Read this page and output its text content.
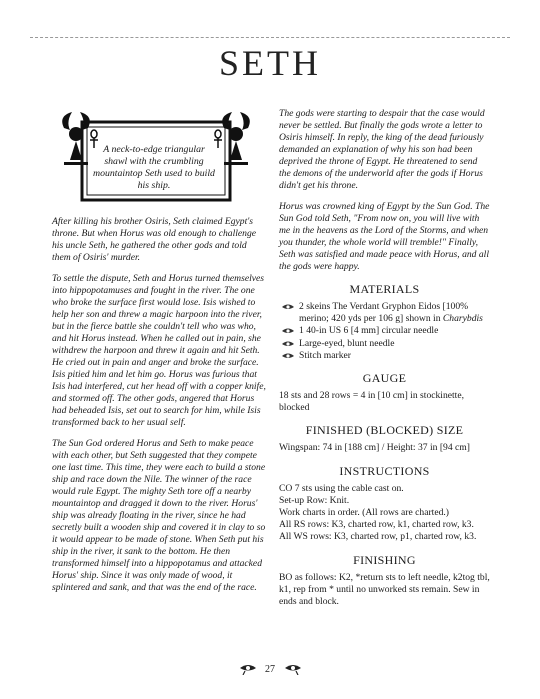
SETH
A neck-to-edge triangular shawl with the crumbling mountaintop Seth used to build his ship.

After killing his brother Osiris, Seth claimed Egypt's throne. But when Horus was old enough to challenge his uncle Seth, he gathered the other gods and told them of Osiris' murder.

To settle the dispute, Seth and Horus turned themselves into hippopotamuses and fought in the river. The one who broke the surface first would lose. Isis wished to help her son and threw a magic harpoon into the river, but in the fierce battle she couldn't tell who was who, and hit Horus instead. When he called out in pain, she withdrew the harpoon and threw it again and hit Seth. He cried out in pain and anger and broke the surface. Isis pitied him and let him go. Horus was furious that Isis had interfered, cut her head off with a copper knife, and stormed off. The other gods, angered that Horus had beheaded Isis, set out to search for him, while Isis transformed back to her usual self.

The Sun God ordered Horus and Seth to make peace with each other, but Seth suggested that they compete one last time. This time, they were each to build a stone ship and race down the Nile. The winner of the race would rule Egypt. The mighty Seth tore off a nearby mountaintop and dragged it down to the river. Horus' ship was already floating in the river, since he had secretly built a wooden ship and covered it in clay to so it would appear to be made of stone. When Seth put his ship in the river, it sank to the bottom. He then transformed himself into a hippopotamus and attacked Horus' ship. Since it was only made of wood, it splintered and sank, and that was the end of the race.

The gods were starting to despair that the case would never be settled. But finally the gods wrote a letter to Osiris himself. In reply, the king of the dead furiously demanded an explanation of why his son had been deprived the throne of Egypt. He threatened to send the demons of the underworld after the gods if Horus didn't get his throne.

Horus was crowned king of Egypt by the Sun God. The Sun God told Seth, "From now on, you will live with me in the heavens as the Lord of the Storms, and when you thunder, the whole world will tremble!" Finally, Seth was satisfied and made peace with Horus, and all the gods were happy.

MATERIALS
2 skeins The Verdant Gryphon Eidos [100% merino; 420 yds per 106 g] shown in Charybdis
1 40-in US 6 [4 mm] circular needle
Large-eyed, blunt needle
Stitch marker
GAUGE

18 sts and 28 rows = 4 in [10 cm] in stockinette, blocked

FINISHED (BLOCKED) SIZE

Wingspan: 74 in [188 cm] / Height: 37 in [94 cm]

INSTRUCTIONS

CO 7 sts using the cable cast on.

Set-up Row: Knit.

Work charts in order. (All rows are charted.)

All RS rows: K3, charted row, k1, charted row, k3.

All WS rows: K3, charted row, p1, charted row, k3.

FINISHING

BO as follows: K2, *return sts to left needle, k2tog tbl, k1, rep from * until no unworked sts remain. Sew in ends and block.

27
